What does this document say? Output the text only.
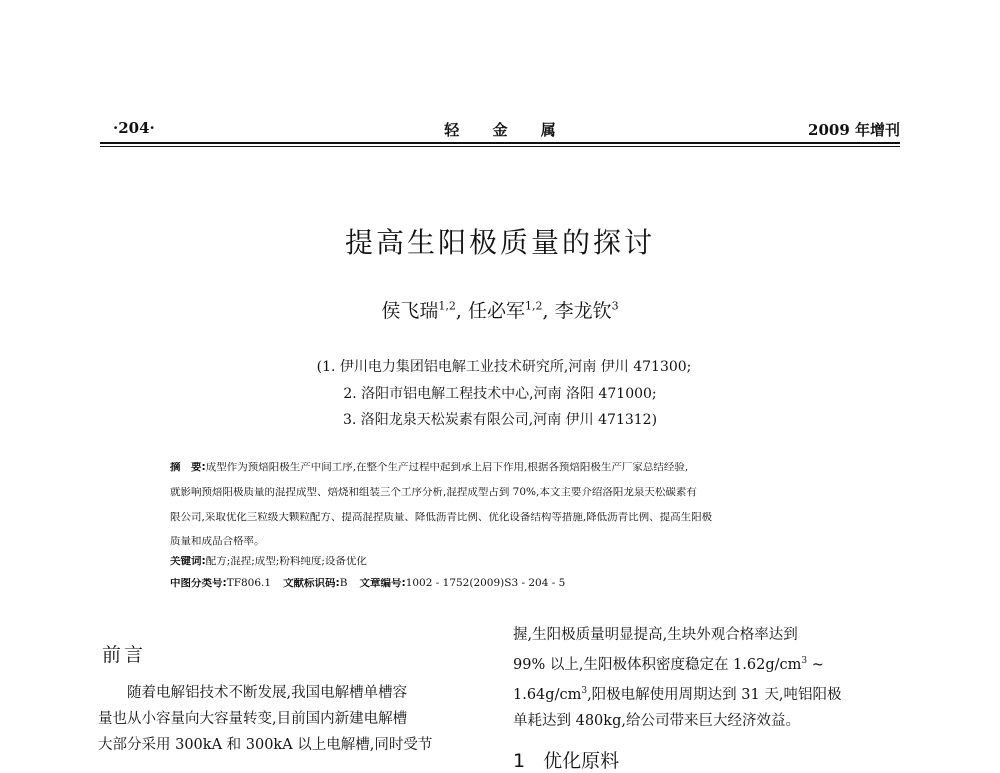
·204·	轻 金 属	2009 年增刊
提高生阳极质量的探讨
侯飞瑞$^{1,2}$, 任必军$^{1,2}$, 李龙钦$^3$
(1. 伊川电力集团铝电解工业技术研究所,河南 伊川 471300;
2. 洛阳市铝电解工程技术中心,河南 洛阳 471000;
3. 洛阳龙泉天松炭素有限公司,河南 伊川 471312)
摘　要:成型作为预焙阳极生产中间工序,在整个生产过程中起到承上启下作用,根据各预焙阳极生产厂家总结经验,
就影响预焙阳极质量的混捏成型、焙烧和组装三个工序分析,混捏成型占到 70%,本文主要介绍洛阳龙泉天松碳素有
限公司,采取优化三粒级大颗粒配方、提高混捏质量、降低沥青比例、优化设备结构等措施,降低沥青比例、提高生阳极
质量和成品合格率。
关键词:配方;混捏;成型;粉料纯度;设备优化
中图分类号:TF806.1 文献标识码:B 文章编号:1002 - 1752(2009)S3 - 204 - 5
前言

随着电解铝技术不断发展,我国电解槽单槽容

量也从小容量向大容量转变,目前国内新建电解槽

大部分采用 300kA 和 300kA 以上电解槽,同时受节

握,生阳极质量明显提高,生块外观合格率达到

99% 以上,生阳极体积密度稳定在 $1.62g/cm^3$ ~

$1.64g/cm^3$,阳极电解使用周期达到 31 天,吨铝阳极

单耗达到 480kg,给公司带来巨大经济效益。

1 优化原料
